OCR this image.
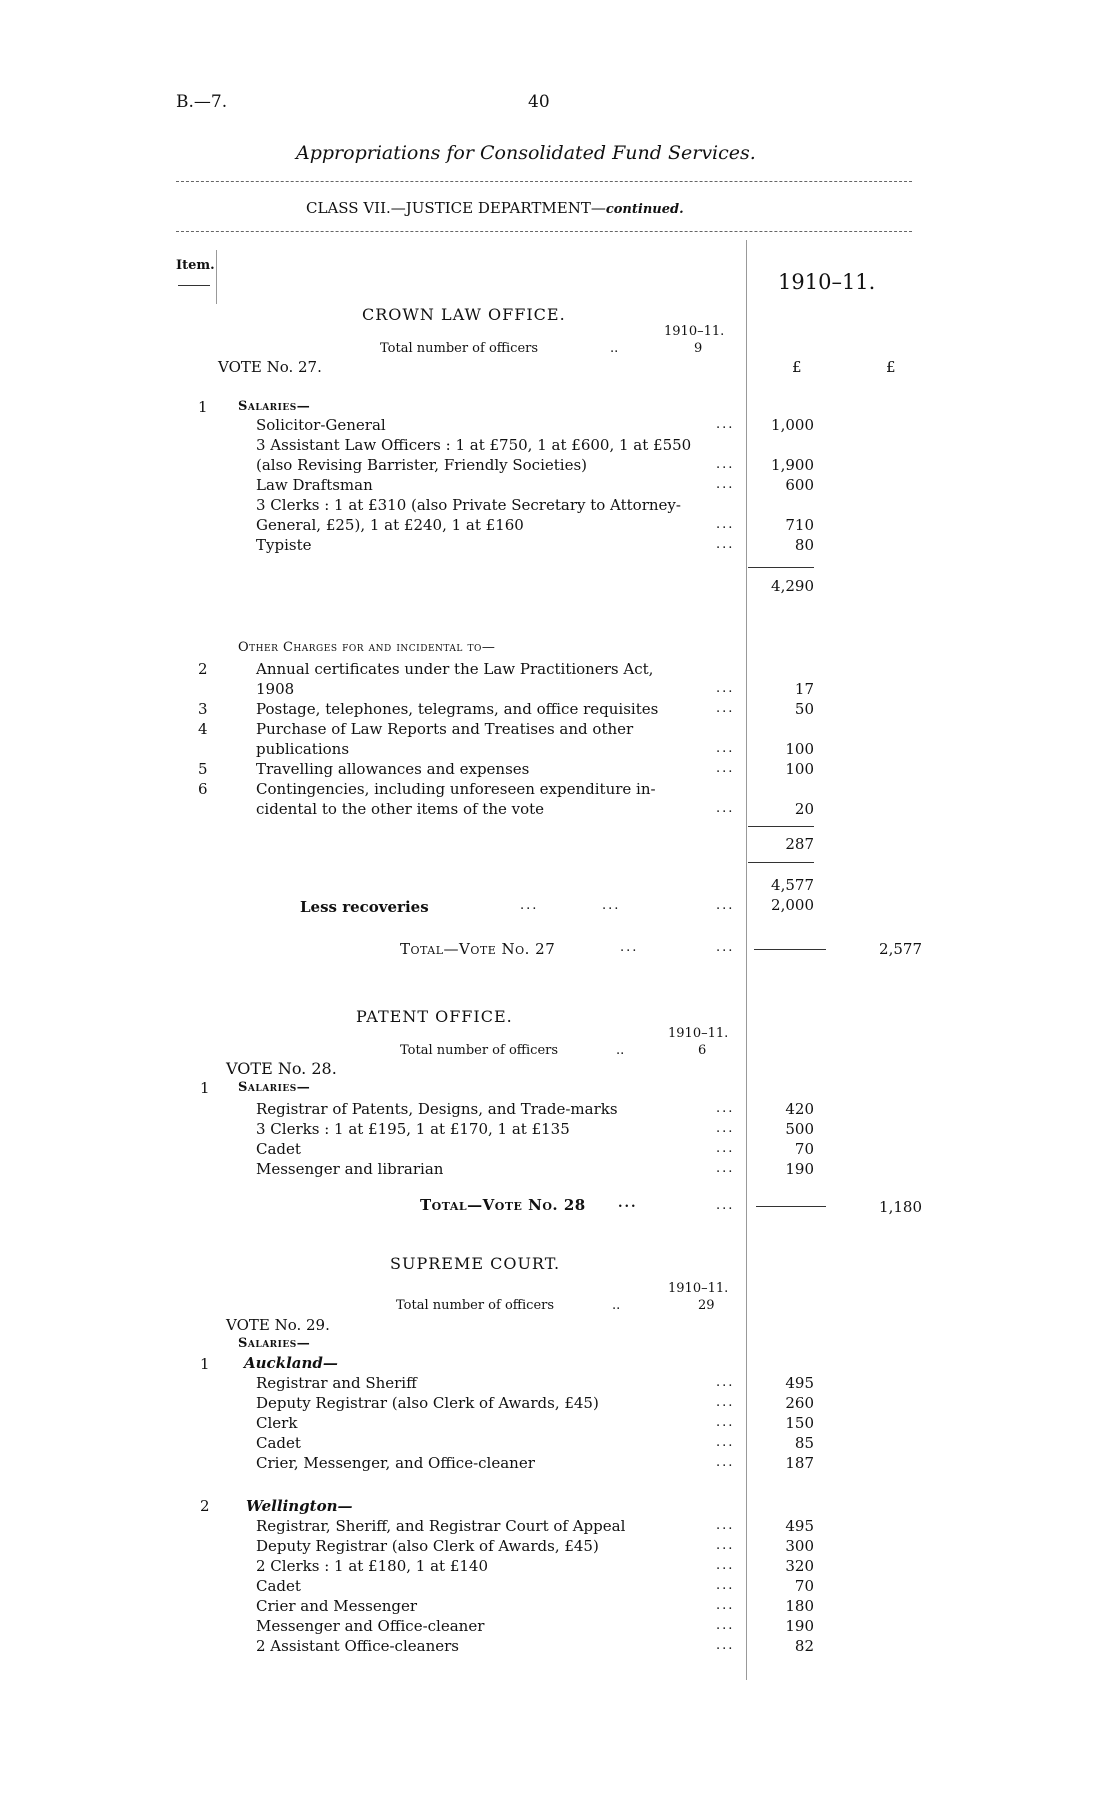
B.—7.	40
Appropriations for Consolidated Fund Services.
CLASS VII.—JUSTICE DEPARTMENT—continued.
Item.
1910–11.
CROWN LAW OFFICE.
1910–11.
Total number of officers	..	9
VOTE No. 27.	£	£
1 Salaries—
Solicitor-General	...	1,000
3 Assistant Law Officers : 1 at £750, 1 at £600, 1 at £550
(also Revising Barrister, Friendly Societies)	...	1,900
Law Draftsman	...	600
3 Clerks : 1 at £310 (also Private Secretary to Attorney-
General, £25), 1 at £240, 1 at £160	...	710
Typiste	...	80
4,290
Other Charges for and incidental to—
2	Annual certificates under the Law Practitioners Act,
1908	...	17
3	Postage, telephones, telegrams, and office requisites	...	50
4	Purchase of Law Reports and Treatises and other
publications	...	100
5	Travelling allowances and expenses	...	100
6	Contingencies, including unforeseen expenditure in-
cidental to the other items of the vote	...	20
287
4,577
Less recoveries	...	...	...	2,000
Total—Vote No. 27	...	...	2,577
PATENT OFFICE.
1910–11.
Total number of officers	..	6
VOTE No. 28.
1 Salaries—
Registrar of Patents, Designs, and Trade-marks	...	420
3 Clerks : 1 at £195, 1 at £170, 1 at £135	...	500
Cadet	...	70
Messenger and librarian	...	190
Total—Vote No. 28 ...	...	1,180
SUPREME COURT.
1910–11.
Total number of officers	..	29
VOTE No. 29.
Salaries—
1 Auckland—
Registrar and Sheriff	...	495
Deputy Registrar (also Clerk of Awards, £45)	...	260
Clerk	...	150
Cadet	...	85
Crier, Messenger, and Office-cleaner	...	187
2 Wellington—
Registrar, Sheriff, and Registrar Court of Appeal	...	495
Deputy Registrar (also Clerk of Awards, £45)	...	300
2 Clerks : 1 at £180, 1 at £140	...	320
Cadet	...	70
Crier and Messenger	...	180
Messenger and Office-cleaner	...	190
2 Assistant Office-cleaners	...	82
